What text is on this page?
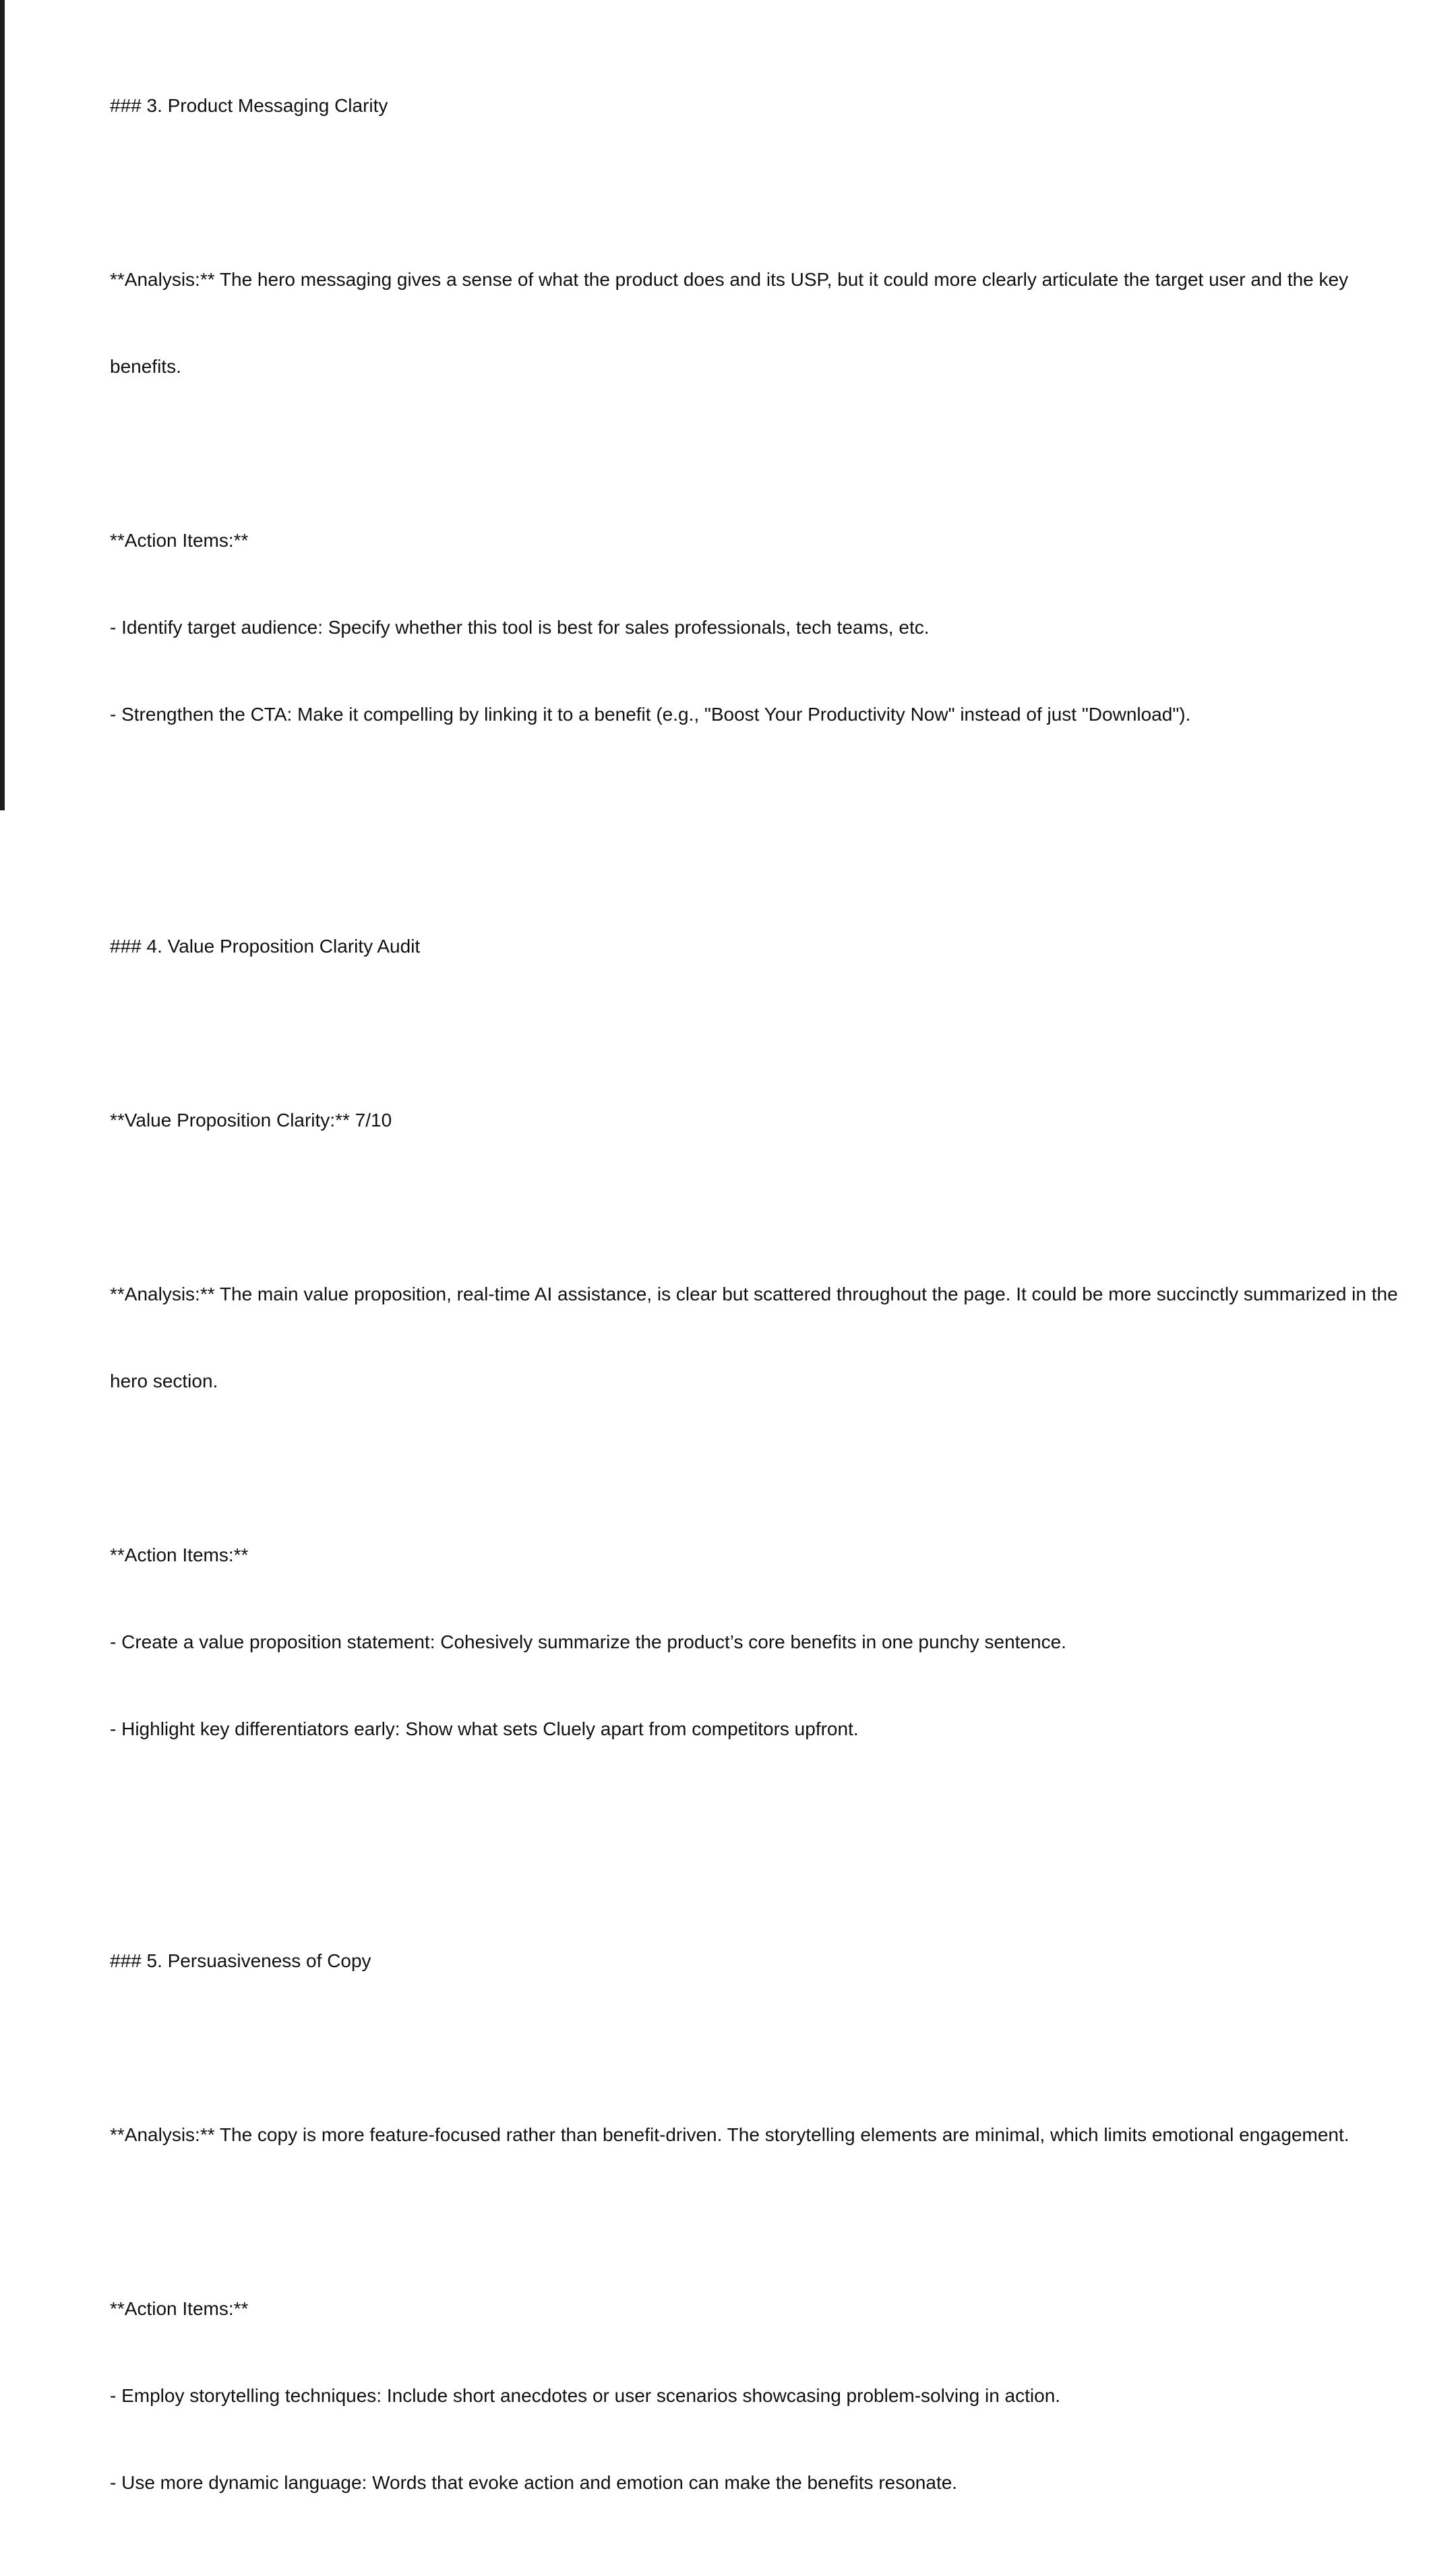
### 3. Product Messaging Clarity

**Analysis:** The hero messaging gives a sense of what the product does and its USP, but it could more clearly articulate the target user and the key

benefits.

**Action Items:**

- Identify target audience: Specify whether this tool is best for sales professionals, tech teams, etc.

- Strengthen the CTA: Make it compelling by linking it to a benefit (e.g., "Boost Your Productivity Now" instead of just "Download").

### 4. Value Proposition Clarity Audit

**Value Proposition Clarity:** 7/10

**Analysis:** The main value proposition, real-time AI assistance, is clear but scattered throughout the page. It could be more succinctly summarized in the

hero section.

**Action Items:**

- Create a value proposition statement: Cohesively summarize the product’s core benefits in one punchy sentence.

- Highlight key differentiators early: Show what sets Cluely apart from competitors upfront.

### 5. Persuasiveness of Copy

**Analysis:** The copy is more feature-focused rather than benefit-driven. The storytelling elements are minimal, which limits emotional engagement.

**Action Items:**

- Employ storytelling techniques: Include short anecdotes or user scenarios showcasing problem-solving in action.

- Use more dynamic language: Words that evoke action and emotion can make the benefits resonate.
